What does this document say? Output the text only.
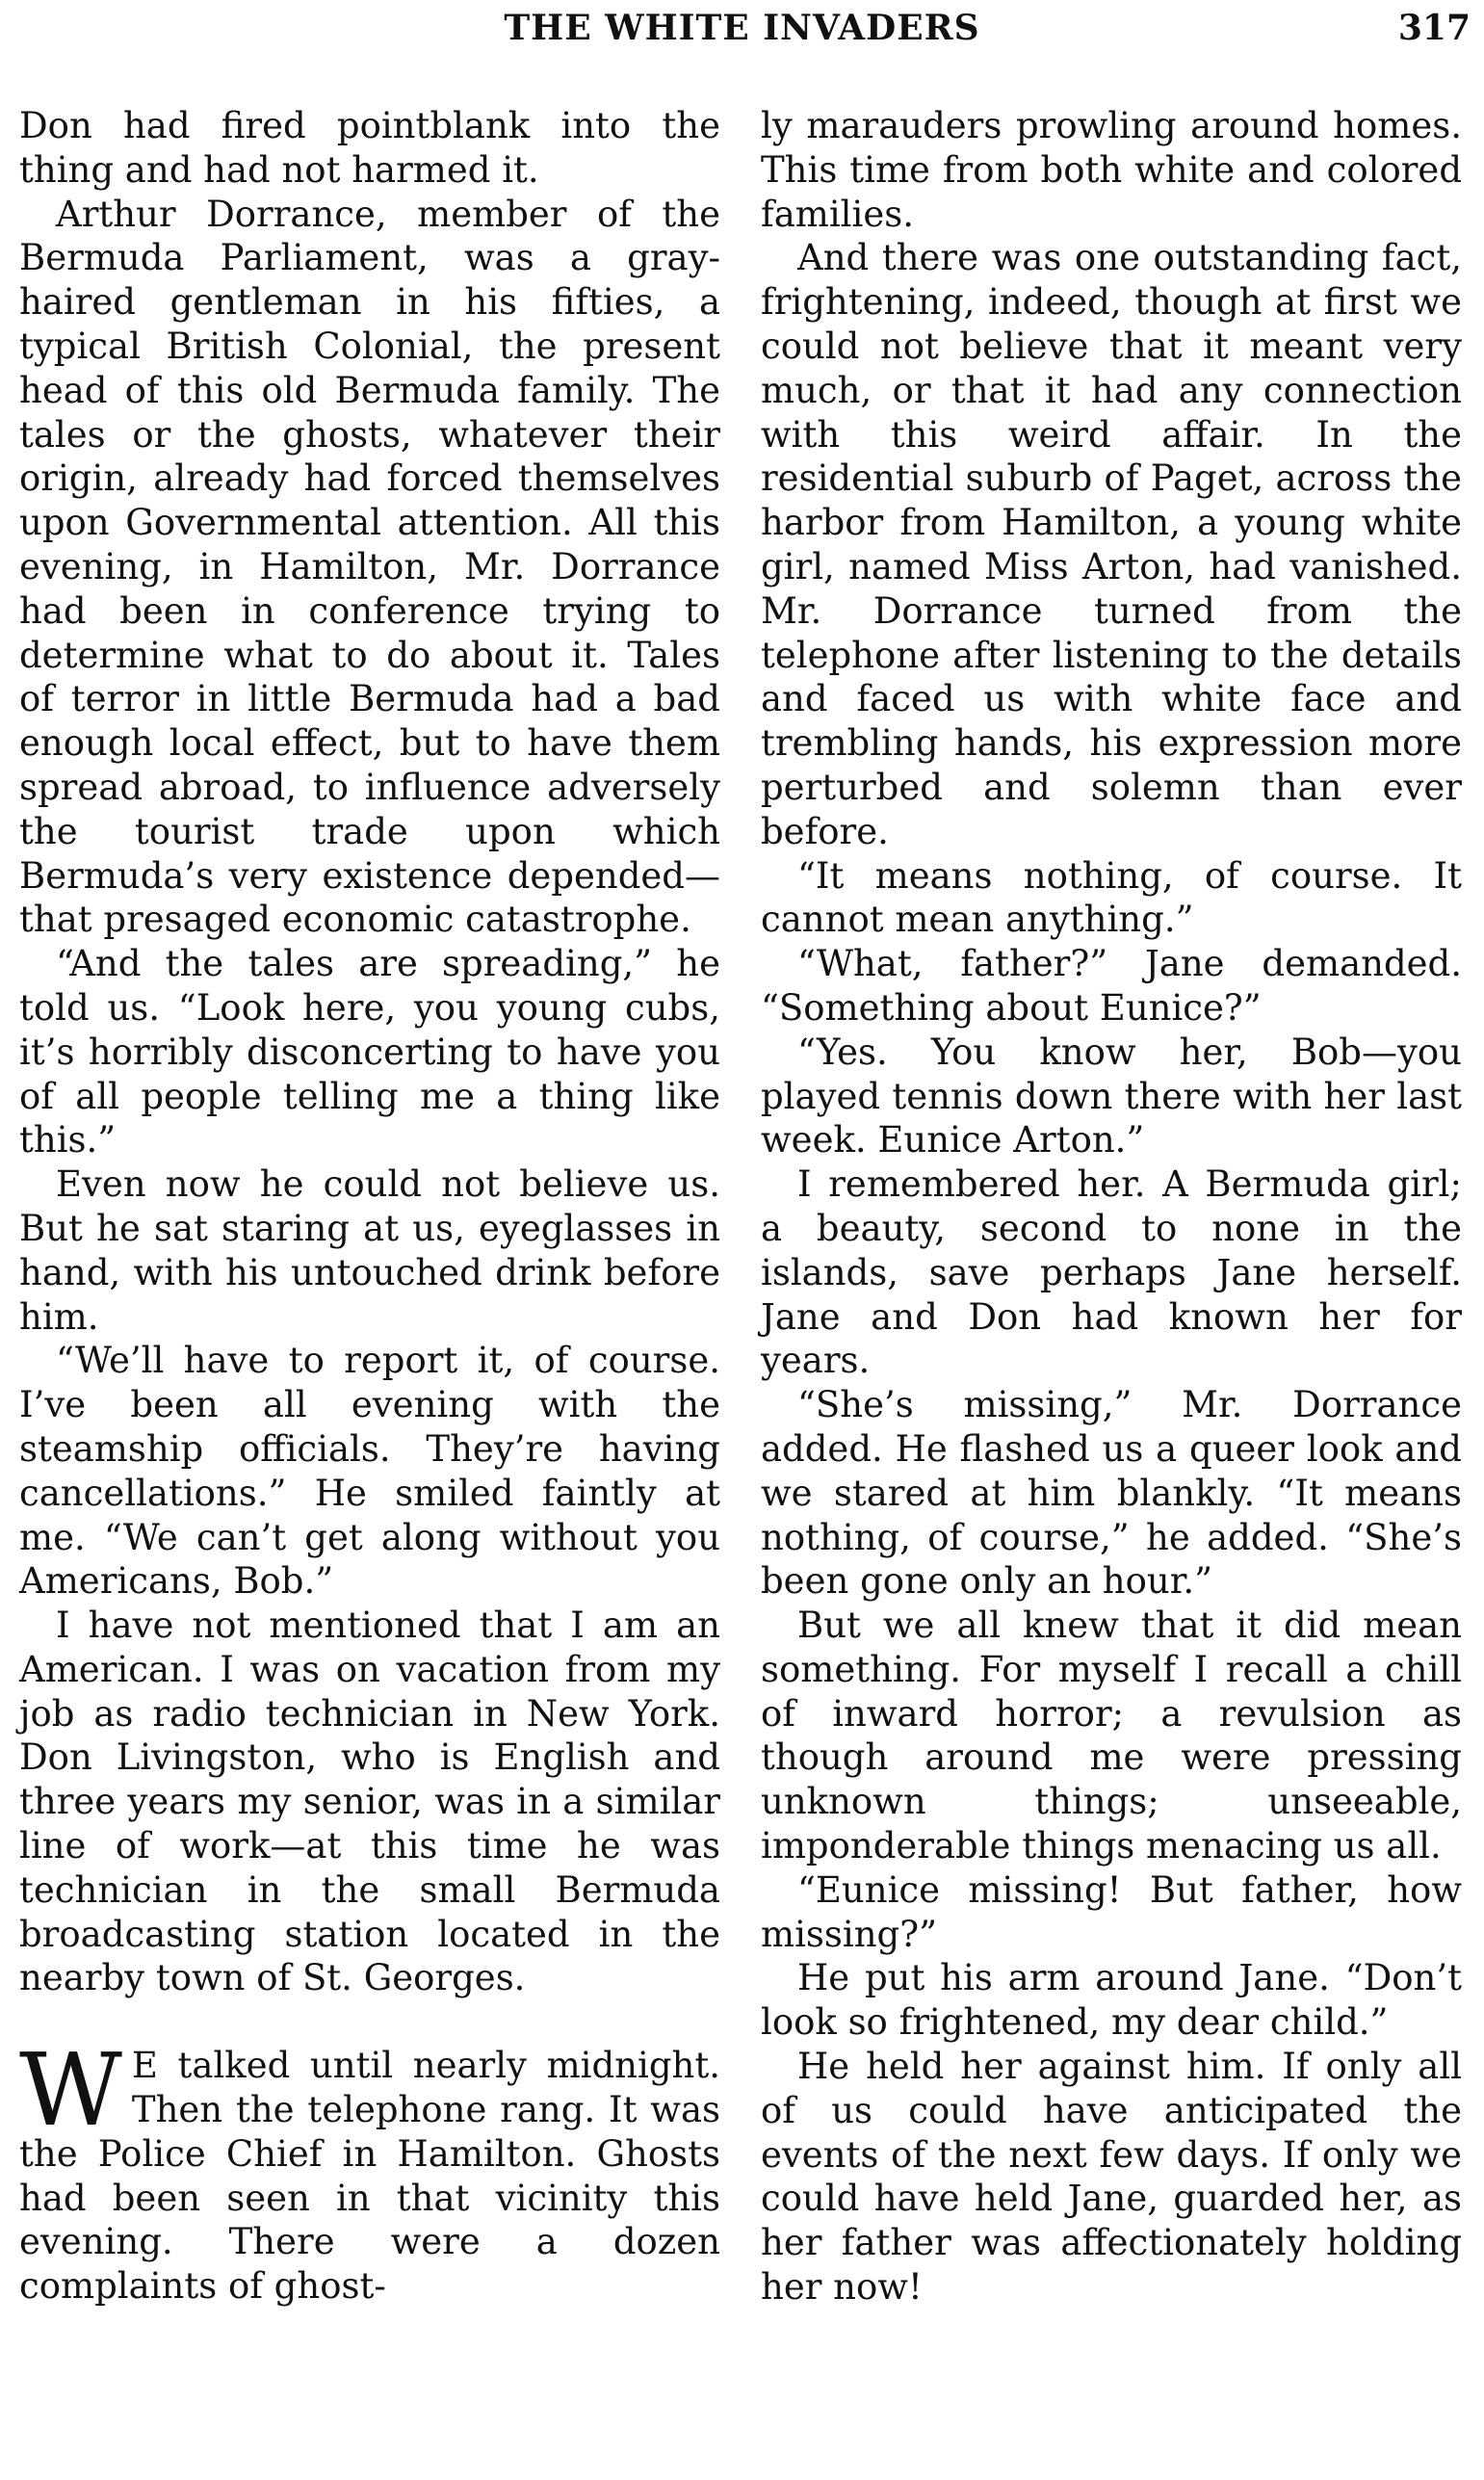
THE WHITE INVADERS	317

Don had fired pointblank into the thing and had not harmed it.

Arthur Dorrance, member of the Bermuda Parliament, was a gray-haired gentleman in his fifties, a typical British Colonial, the present head of this old Bermuda family. The tales or the ghosts, whatever their origin, already had forced themselves upon Governmental attention. All this evening, in Hamilton, Mr. Dorrance had been in conference trying to determine what to do about it. Tales of terror in little Bermuda had a bad enough local effect, but to have them spread abroad, to influence adversely the tourist trade upon which Bermuda’s very existence depended—that presaged economic catastrophe.

“And the tales are spreading,” he told us. “Look here, you young cubs, it’s horribly disconcerting to have you of all people telling me a thing like this.”

Even now he could not believe us. But he sat staring at us, eyeglasses in hand, with his untouched drink before him.

“We’ll have to report it, of course. I’ve been all evening with the steamship officials. They’re having cancellations.” He smiled faintly at me. “We can’t get along without you Americans, Bob.”

I have not mentioned that I am an American. I was on vacation from my job as radio technician in New York. Don Livingston, who is English and three years my senior, was in a similar line of work—at this time he was technician in the small Bermuda broadcasting station located in the nearby town of St. Georges.

W E talked until nearly midnight. Then the telephone rang. It was the Police Chief in Hamilton. Ghosts had been seen in that vicinity this evening. There were a dozen complaints of ghost-

ly marauders prowling around homes. This time from both white and colored families.

And there was one outstanding fact, frightening, indeed, though at first we could not believe that it meant very much, or that it had any connection with this weird affair. In the residential suburb of Paget, across the harbor from Hamilton, a young white girl, named Miss Arton, had vanished. Mr. Dorrance turned from the telephone after listening to the details and faced us with white face and trembling hands, his expression more perturbed and solemn than ever before.

“It means nothing, of course. It cannot mean anything.”

“What, father?” Jane demanded. “Something about Eunice?”

“Yes. You know her, Bob—you played tennis down there with her last week. Eunice Arton.”

I remembered her. A Bermuda girl; a beauty, second to none in the islands, save perhaps Jane herself. Jane and Don had known her for years.

“She’s missing,” Mr. Dorrance added. He flashed us a queer look and we stared at him blankly. “It means nothing, of course,” he added. “She’s been gone only an hour.”

But we all knew that it did mean something. For myself I recall a chill of inward horror; a revulsion as though around me were pressing unknown things; unseeable, imponderable things menacing us all.

“Eunice missing! But father, how missing?”

He put his arm around Jane. “Don’t look so frightened, my dear child.”

He held her against him. If only all of us could have anticipated the events of the next few days. If only we could have held Jane, guarded her, as her father was affectionately holding her now!
